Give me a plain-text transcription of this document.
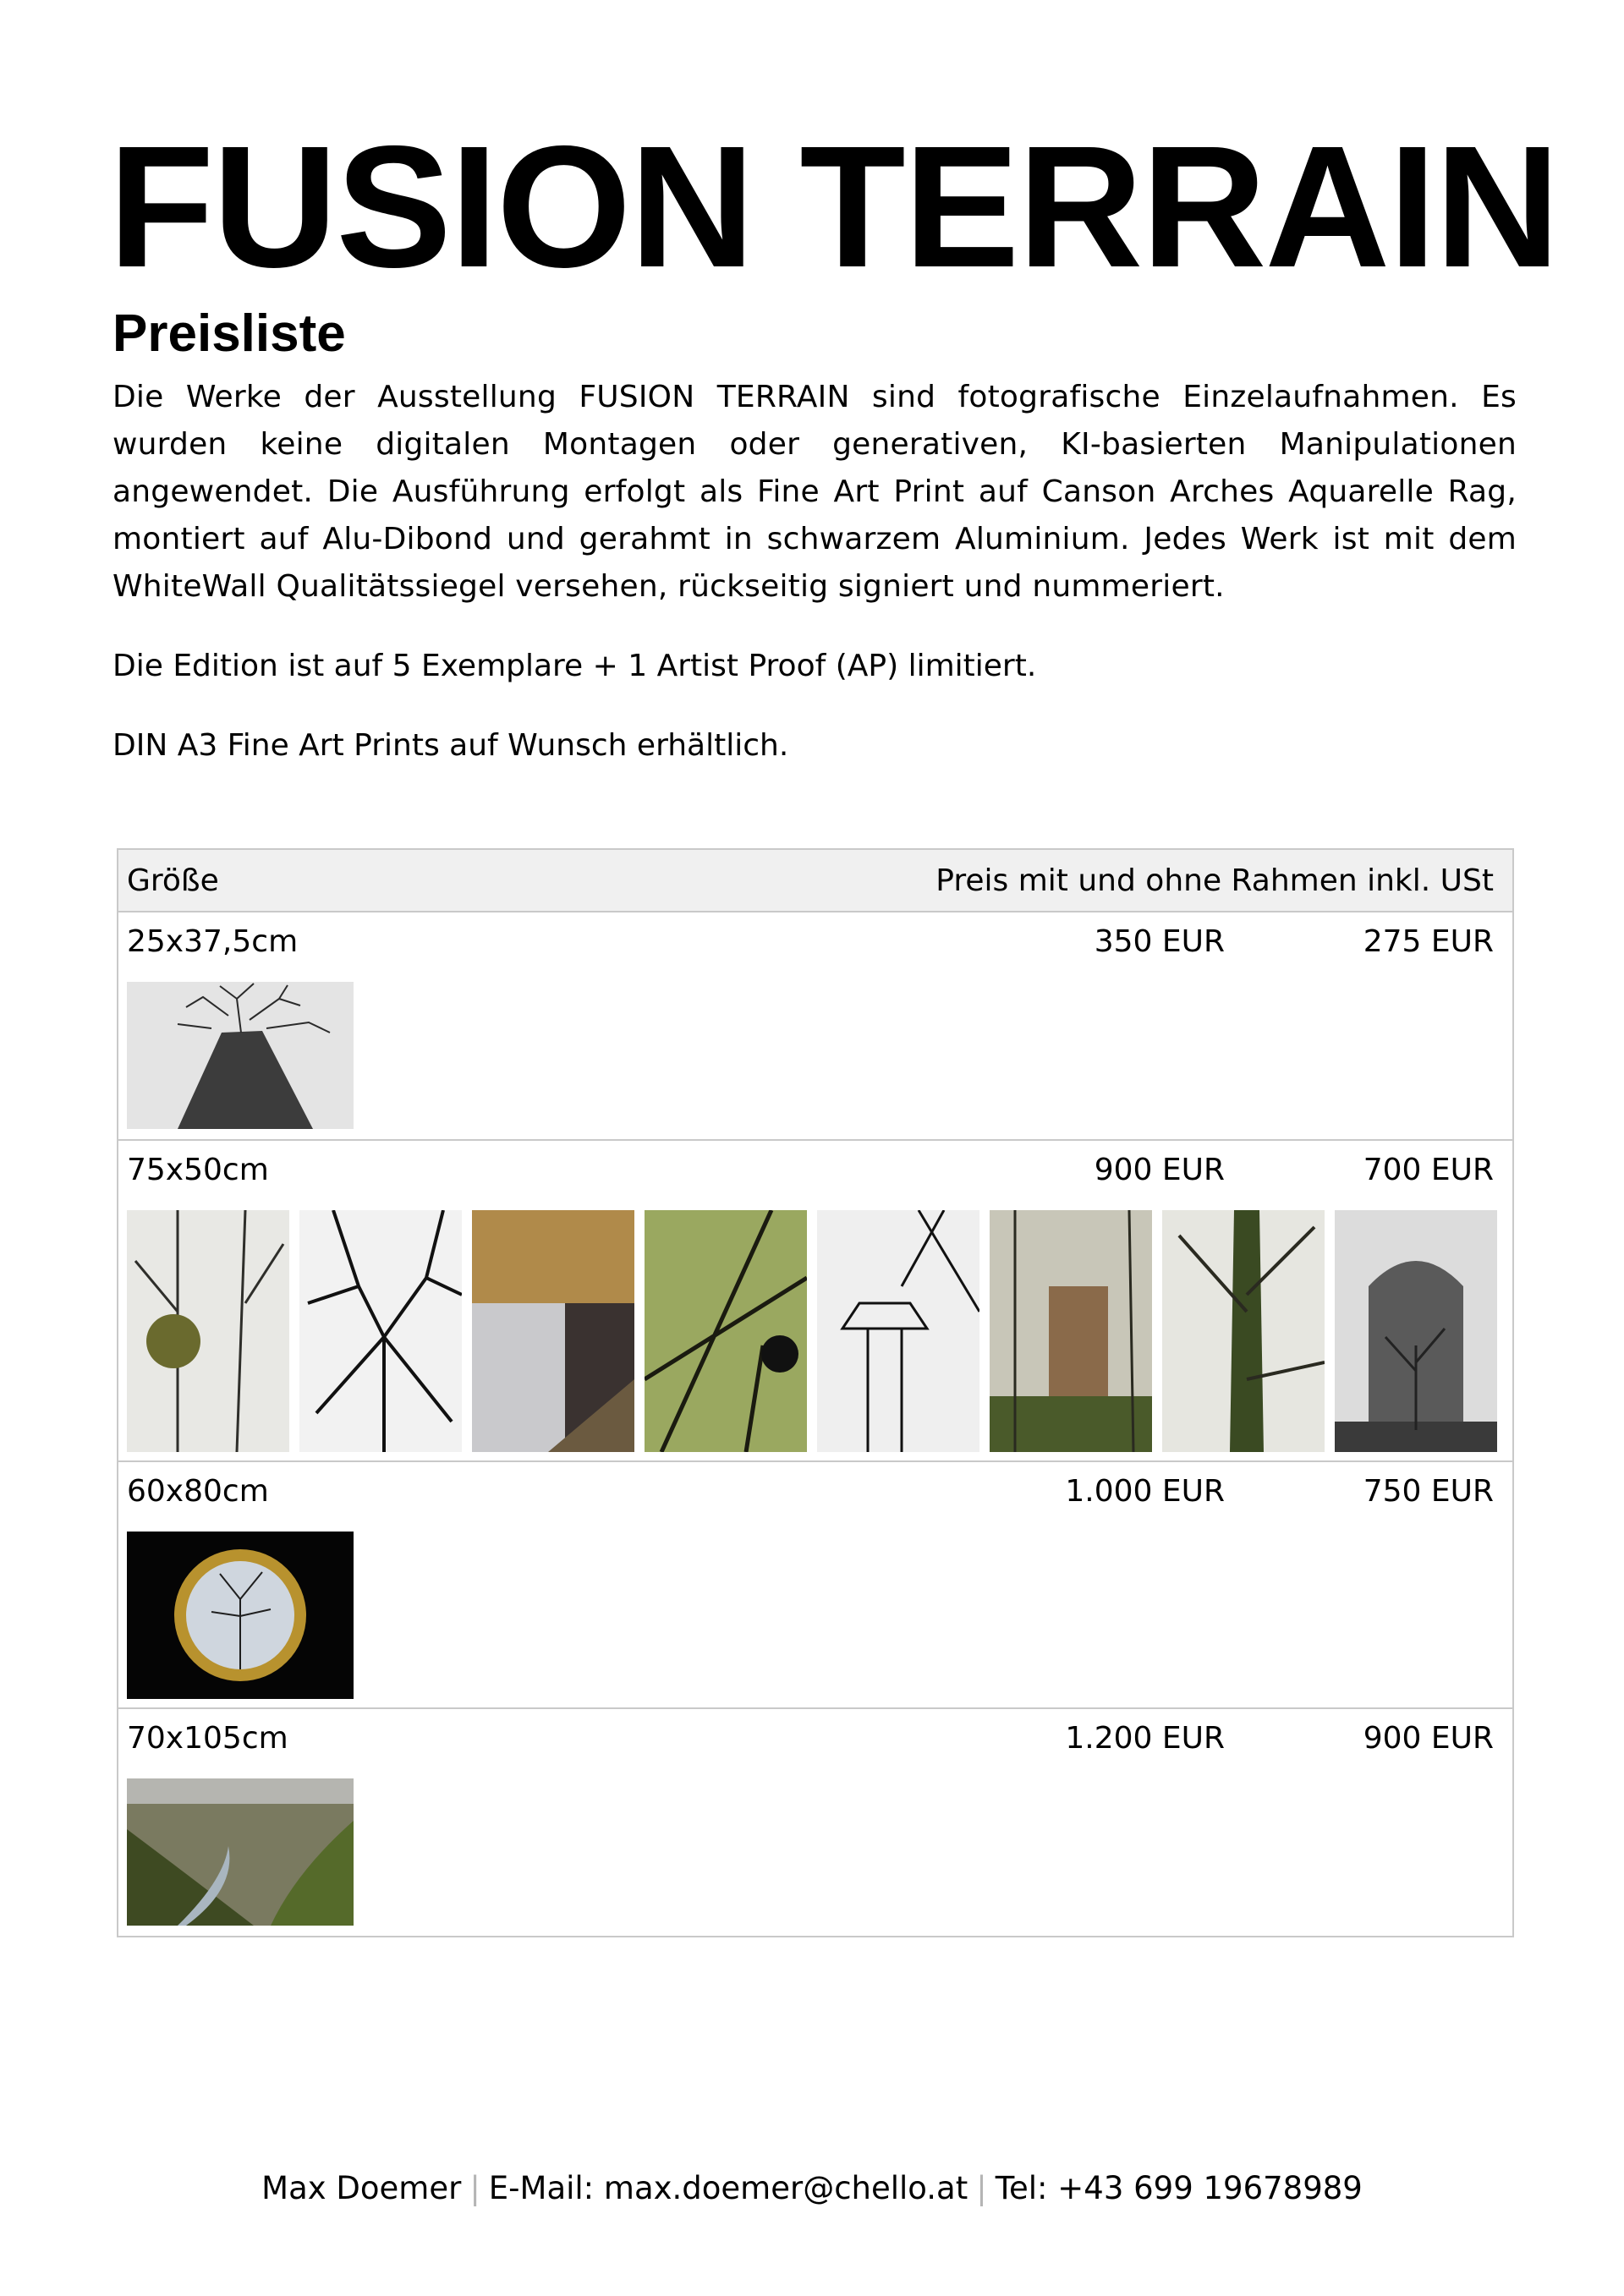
FUSION TERRAIN
Preisliste

Die Werke der Ausstellung FUSION TERRAIN sind fotografische Einzelaufnahmen. Es wurden keine digitalen Montagen oder generativen, KI-basierten Manipulationen angewendet. Die Ausführung erfolgt als Fine Art Print auf Canson Arches Aquarelle Rag, montiert auf Alu-Dibond und gerahmt in schwarzem Aluminium. Jedes Werk ist mit dem WhiteWall Qualitätssiegel versehen, rückseitig signiert und nummeriert.

Die Edition ist auf 5 Exemplare + 1 Artist Proof (AP) limitiert.

DIN A3 Fine Art Prints auf Wunsch erhältlich.

Größe	Preis mit und ohne Rahmen inkl. USt
25x37,5cm	350 EUR	275 EUR
75x50cm	900 EUR	700 EUR
60x80cm	1.000 EUR	750 EUR
70x105cm	1.200 EUR	900 EUR
Max Doemer | E-Mail: max.doemer@chello.at | Tel: +43 699 19678989
